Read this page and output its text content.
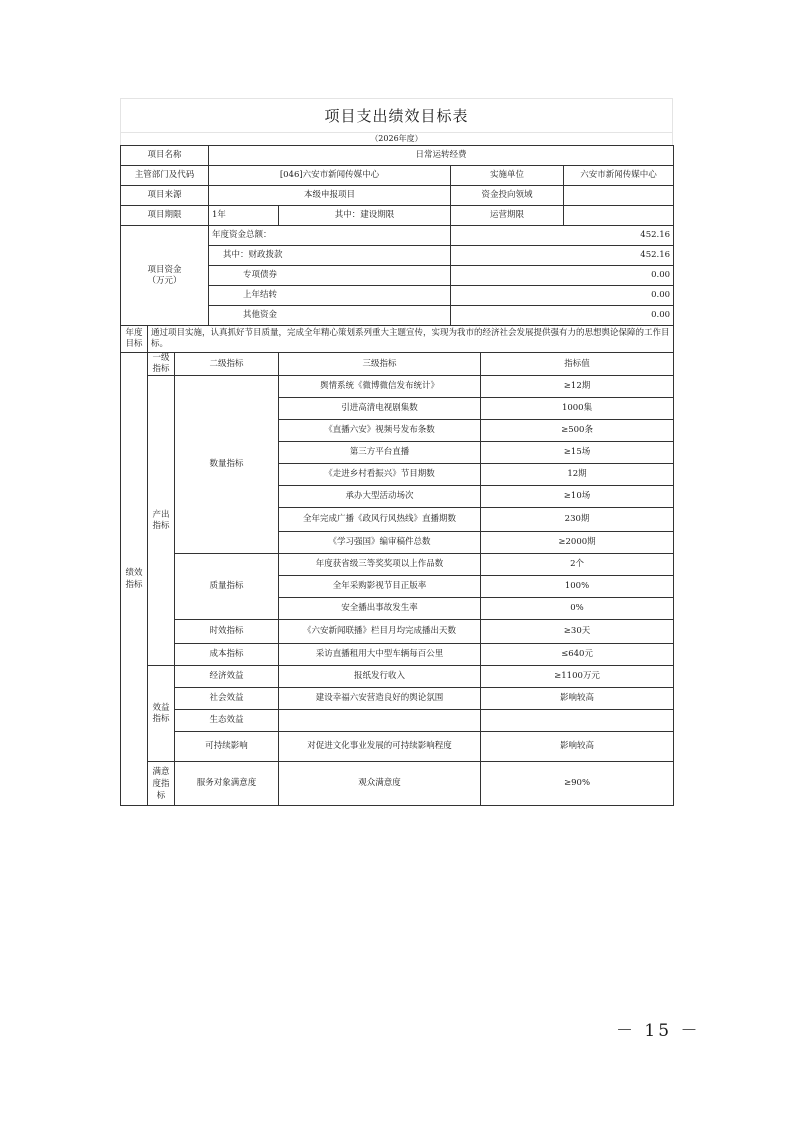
项目支出绩效目标表
（2026年度）
项目名称			日常运转经费				
主管部门及代码			[046]六安市新闻传媒中心		实施单位		六安市新闻传媒中心
项目来源			本级申报项目		资金投向领域		
项目期限			1年	其中：建设期限	运营期限		
项目资金
（万元）			年度资金总额：		452.16		
			其中：财政拨款		452.16		
			专项债券		0.00		
			上年结转		0.00		
			其他资金		0.00		
年度目标	通过项目实施，认真抓好节目质量，完成全年精心策划系列重大主题宣传，实现为我市的经济社会发展提供强有力的思想舆论保障的工作目标。						
绩效指标	一级指标	二级指标		三级指标		指标值	
	产出指标	数量指标		舆情系统《微博微信发布统计》		≥12期	
				引进高清电视剧集数		1000集	
				《直播六安》视频号发布条数		≥500条	
				第三方平台直播		≥15场	
				《走进乡村看振兴》节目期数		12期	
				承办大型活动场次		≥10场	
				全年完成广播《政风行风热线》直播期数		230期	
				《学习强国》编审稿件总数		≥2000期	
		质量指标		年度获省级三等奖奖项以上作品数		2个	
				全年采购影视节目正版率		100%	
				安全播出事故发生率		0%	
		时效指标		《六安新闻联播》栏目月均完成播出天数		≥30天	
		成本指标		采访直播租用大中型车辆每百公里		≤640元	
	效益指标	经济效益		报纸发行收入		≥1100万元	
		社会效益		建设幸福六安营造良好的舆论氛围		影响较高	
		生态效益					
		可持续影响		对促进文化事业发展的可持续影响程度		影响较高	
	满意度指标	服务对象满意度		观众满意度		≥90%	
－ 15 －
